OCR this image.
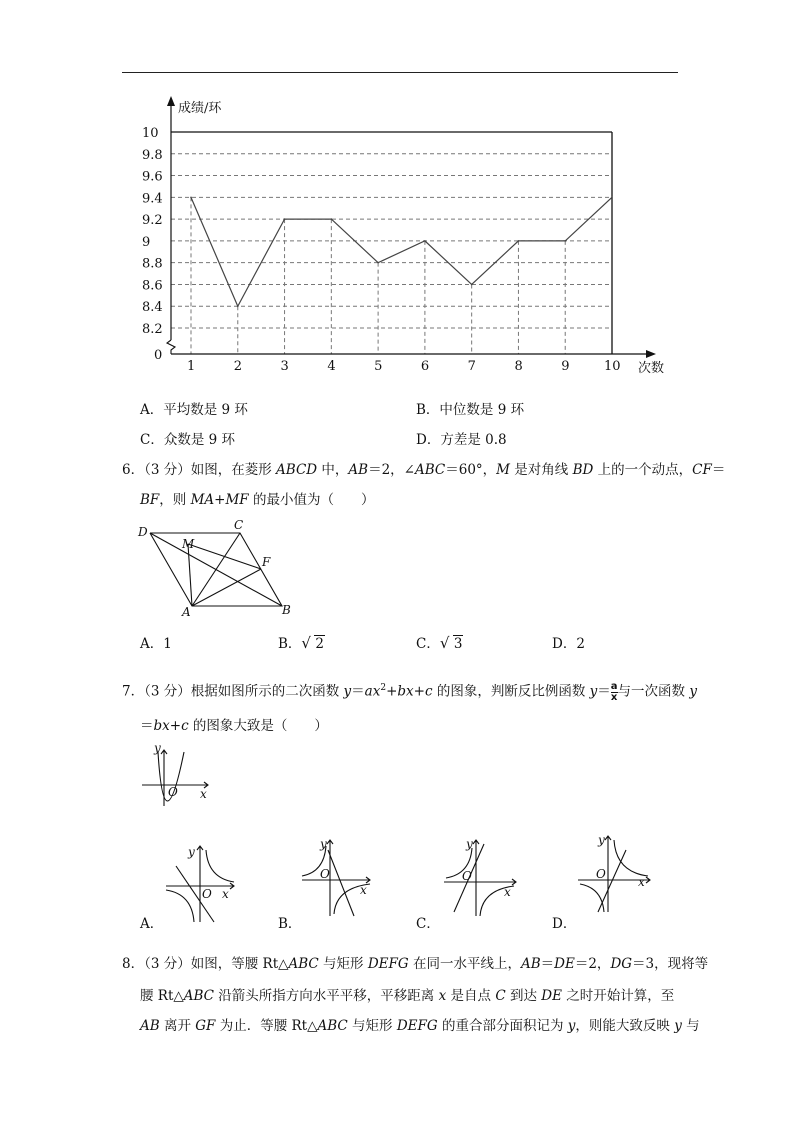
8.2
8.4
8.6
8.8
9
9.2
9.4
9.6
9.8
10
0
成绩/环
次数
1	2	3	4	5	6	7	8	9	10
A．平均数是 9 环	B．中位数是 9 环
C．众数是 9 环	D．方差是 0.8
6．（3 分）如图，在菱形 ABCD 中，AB＝2，∠ABC＝60°，M 是对角线 BD 上的一个动点，CF＝
BF，则 MA+MF 的最小值为（　　）
D	C
M
F
A	B
A．1	B． √ 2	C． √ 3	D．2
7．（3 分）根据如图所示的二次函数 $y=ax^2+bx+c$ 的图象，判断反比例函数 $y= \frac{a}{x}$ 与一次函数 y
＝bx+c 的图象大致是（　　）
y
O x
y
O x
A．
y
O
x
B．
y
O
x
C．
y
O
x
D．
8．（3 分）如图，等腰 Rt△ABC 与矩形 DEFG 在同一水平线上，AB＝DE＝2，DG＝3，现将等
腰 Rt△ABC 沿箭头所指方向水平平移，平移距离 x 是自点 C 到达 DE 之时开始计算，至
AB 离开 GF 为止．等腰 Rt△ABC 与矩形 DEFG 的重合部分面积记为 y，则能大致反映 y 与
